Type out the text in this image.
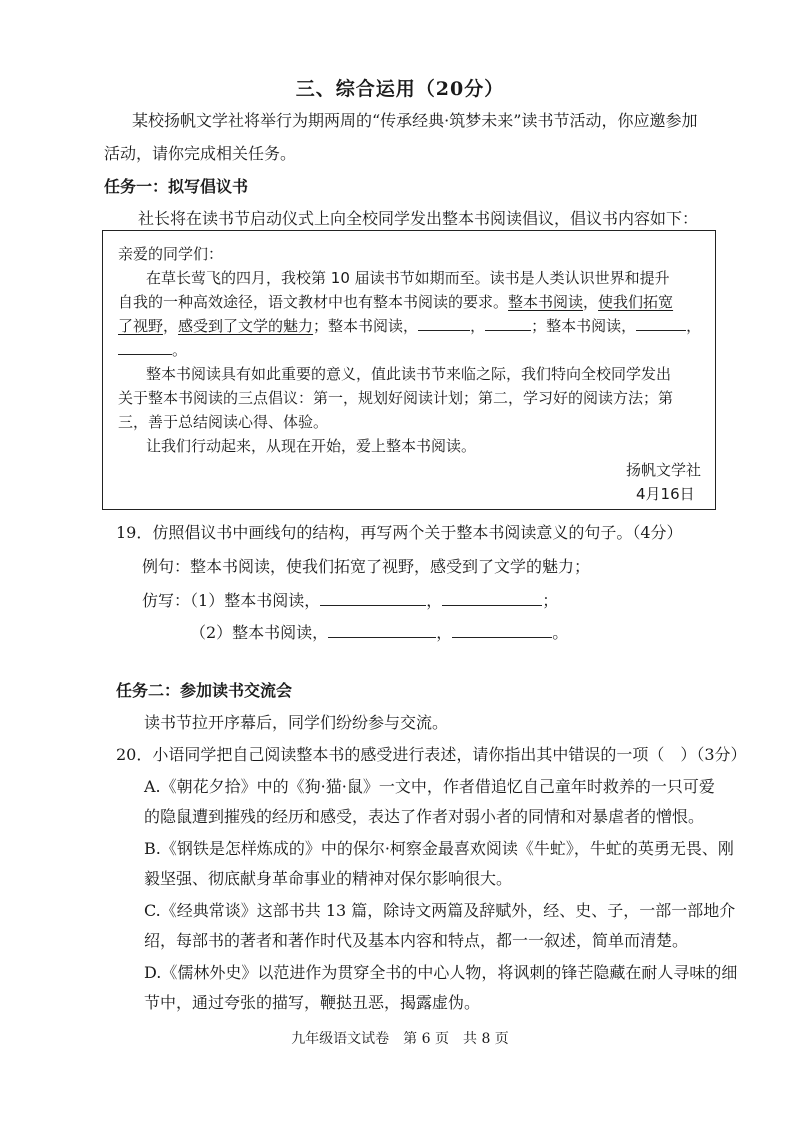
三、综合运用（20分）
某校扬帆文学社将举行为期两周的“传承经典·筑梦未来”读书节活动，你应邀参加
活动，请你完成相关任务。
任务一：拟写倡议书
社长将在读书节启动仪式上向全校同学发出整本书阅读倡议，倡议书内容如下：
亲爱的同学们：
在草长莺飞的四月，我校第 10 届读书节如期而至。读书是人类认识世界和提升
自我的一种高效途径，语文教材中也有整本书阅读的要求。整本书阅读，使我们拓宽
了视野，感受到了文学的魅力；整本书阅读，	，	；整本书阅读，	，
。
整本书阅读具有如此重要的意义，值此读书节来临之际，我们特向全校同学发出
关于整本书阅读的三点倡议：第一，规划好阅读计划；第二，学习好的阅读方法；第
三，善于总结阅读心得、体验。
让我们行动起来，从现在开始，爱上整本书阅读。
扬帆文学社
4月16日
19．仿照倡议书中画线句的结构，再写两个关于整本书阅读意义的句子。（4分）
例句：整本书阅读，使我们拓宽了视野，感受到了文学的魅力；
仿写：（1）整本书阅读，	，	；
（2）整本书阅读，	，	。
任务二：参加读书交流会
读书节拉开序幕后，同学们纷纷参与交流。
20．小语同学把自己阅读整本书的感受进行表述，请你指出其中错误的一项（　）（3分）
A.《朝花夕拾》中的《狗·猫·鼠》一文中，作者借追忆自己童年时救养的一只可爱
的隐鼠遭到摧残的经历和感受，表达了作者对弱小者的同情和对暴虐者的憎恨。
B.《钢铁是怎样炼成的》中的保尔·柯察金最喜欢阅读《牛虻》，牛虻的英勇无畏、刚
毅坚强、彻底献身革命事业的精神对保尔影响很大。
C.《经典常谈》这部书共 13 篇，除诗文两篇及辞赋外，经、史、子，一部一部地介
绍，每部书的著者和著作时代及基本内容和特点，都一一叙述，简单而清楚。
D.《儒林外史》以范进作为贯穿全书的中心人物，将讽刺的锋芒隐藏在耐人寻味的细
节中，通过夸张的描写，鞭挞丑恶，揭露虚伪。
九年级语文试卷　第 6 页　共 8 页
